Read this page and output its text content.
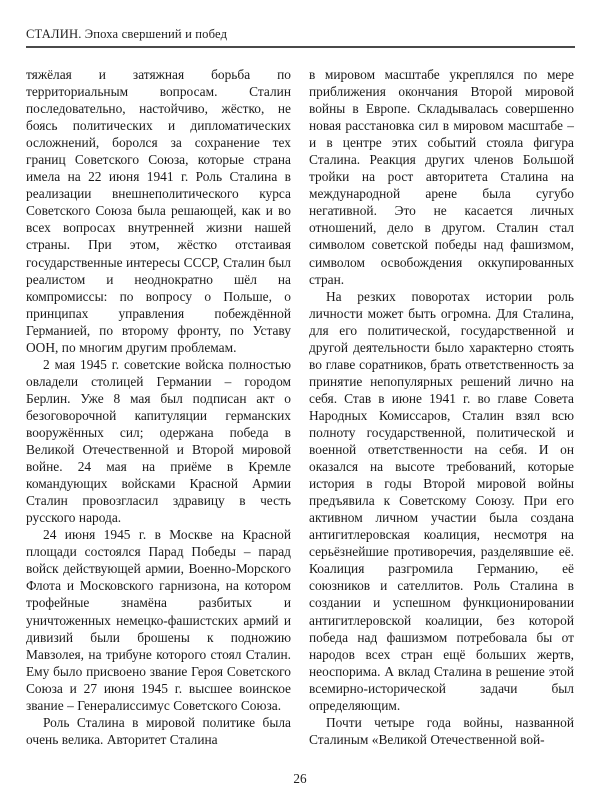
СТАЛИН. Эпоха свершений и побед

тяжёлая и затяжная борьба по территориальным вопросам. Сталин последовательно, настойчиво, жёстко, не боясь политических и дипломатических осложнений, боролся за сохранение тех границ Советского Союза, которые страна имела на 22 июня 1941 г. Роль Сталина в реализации внешнеполитического курса Советского Союза была решающей, как и во всех вопросах внутренней жизни нашей страны. При этом, жёстко отстаивая государственные интересы СССР, Сталин был реалистом и неоднократно шёл на компромиссы: по вопросу о Польше, о принципах управления побеждённой Германией, по второму фронту, по Уставу ООН, по многим другим проблемам.

2 мая 1945 г. советские войска полностью овладели столицей Германии – городом Берлин. Уже 8 мая был подписан акт о безоговорочной капитуляции германских вооружённых сил; одержана победа в Великой Отечественной и Второй мировой войне. 24 мая на приёме в Кремле командующих войсками Красной Армии Сталин провозгласил здравицу в честь русского народа.

24 июня 1945 г. в Москве на Красной площади состоялся Парад Победы – парад войск действующей армии, Военно-Морского Флота и Московского гарнизона, на котором трофейные знамёна разбитых и уничтоженных немецко-фашистских армий и дивизий были брошены к подножию Мавзолея, на трибуне которого стоял Сталин. Ему было присвоено звание Героя Советского Союза и 27 июня 1945 г. высшее воинское звание – Генералиссимус Советского Союза.

Роль Сталина в мировой политике была очень велика. Авторитет Сталина

в мировом масштабе укреплялся по мере приближения окончания Второй мировой войны в Европе. Складывалась совершенно новая расстановка сил в мировом масштабе – и в центре этих событий стояла фигура Сталина. Реакция других членов Большой тройки на рост авторитета Сталина на международной арене была сугубо негативной. Это не касается личных отношений, дело в другом. Сталин стал символом советской победы над фашизмом, символом освобождения оккупированных стран.

На резких поворотах истории роль личности может быть огромна. Для Сталина, для его политической, государственной и другой деятельности было характерно стоять во главе соратников, брать ответственность за принятие непопулярных решений лично на себя. Став в июне 1941 г. во главе Совета Народных Комиссаров, Сталин взял всю полноту государственной, политической и военной ответственности на себя. И он оказался на высоте требований, которые история в годы Второй мировой войны предъявила к Советскому Союзу. При его активном личном участии была создана антигитлеровская коалиция, несмотря на серьёзнейшие противоречия, разделявшие её. Коалиция разгромила Германию, её союзников и сателлитов. Роль Сталина в создании и успешном функционировании антигитлеровской коалиции, без которой победа над фашизмом потребовала бы от народов всех стран ещё больших жертв, неоспорима. А вклад Сталина в решение этой всемирно-исторической задачи был определяющим.

Почти четыре года войны, названной Сталиным «Великой Отечественной вой-

26
